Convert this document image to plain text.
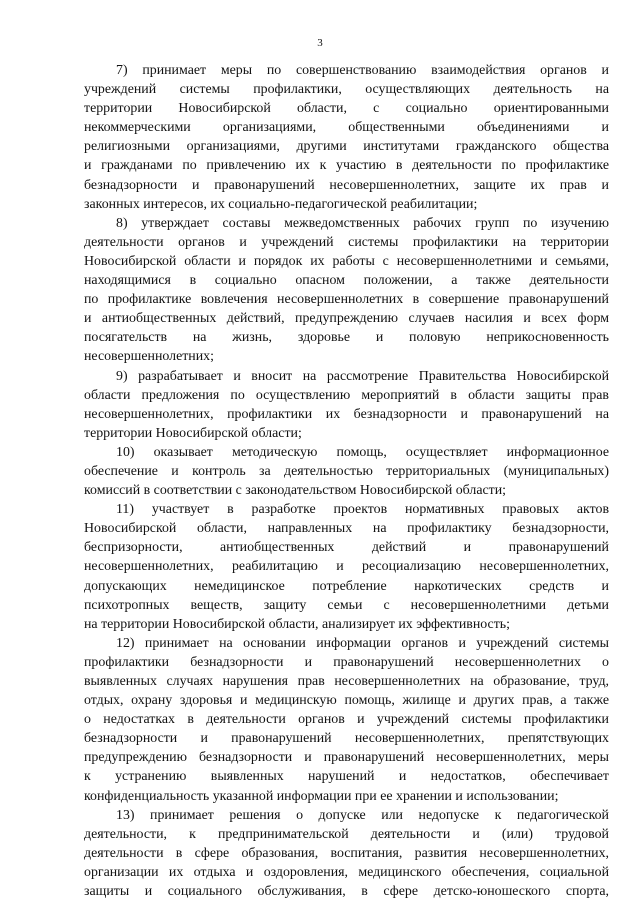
3
7) принимает меры по совершенствованию взаимодействия органов и
учреждений системы профилактики, осуществляющих деятельность на
территории Новосибирской области, с социально ориентированными
некоммерческими организациями, общественными объединениями и
религиозными организациями, другими институтами гражданского общества
и гражданами по привлечению их к участию в деятельности по профилактике
безнадзорности и правонарушений несовершеннолетних, защите их прав и
законных интересов, их социально-педагогической реабилитации;
8) утверждает составы межведомственных рабочих групп по изучению
деятельности органов и учреждений системы профилактики на территории
Новосибирской области и порядок их работы с несовершеннолетними и семьями,
находящимися в социально опасном положении, а также деятельности
по профилактике вовлечения несовершеннолетних в совершение правонарушений
и антиобщественных действий, предупреждению случаев насилия и всех форм
посягательств на жизнь, здоровье и половую неприкосновенность
несовершеннолетних;
9) разрабатывает и вносит на рассмотрение Правительства Новосибирской
области предложения по осуществлению мероприятий в области защиты прав
несовершеннолетних, профилактики их безнадзорности и правонарушений на
территории Новосибирской области;
10) оказывает методическую помощь, осуществляет информационное
обеспечение и контроль за деятельностью территориальных (муниципальных)
комиссий в соответствии с законодательством Новосибирской области;
11) участвует в разработке проектов нормативных правовых актов
Новосибирской области, направленных на профилактику безнадзорности,
беспризорности, антиобщественных действий и правонарушений
несовершеннолетних, реабилитацию и ресоциализацию несовершеннолетних,
допускающих немедицинское потребление наркотических средств и
психотропных веществ, защиту семьи с несовершеннолетними детьми
на территории Новосибирской области, анализирует их эффективность;
12) принимает на основании информации органов и учреждений системы
профилактики безнадзорности и правонарушений несовершеннолетних о
выявленных случаях нарушения прав несовершеннолетних на образование, труд,
отдых, охрану здоровья и медицинскую помощь, жилище и других прав, а также
о недостатках в деятельности органов и учреждений системы профилактики
безнадзорности и правонарушений несовершеннолетних, препятствующих
предупреждению безнадзорности и правонарушений несовершеннолетних, меры
к устранению выявленных нарушений и недостатков, обеспечивает
конфиденциальность указанной информации при ее хранении и использовании;
13) принимает решения о допуске или недопуске к педагогической
деятельности, к предпринимательской деятельности и (или) трудовой
деятельности в сфере образования, воспитания, развития несовершеннолетних,
организации их отдыха и оздоровления, медицинского обеспечения, социальной
защиты и социального обслуживания, в сфере детско-юношеского спорта,
